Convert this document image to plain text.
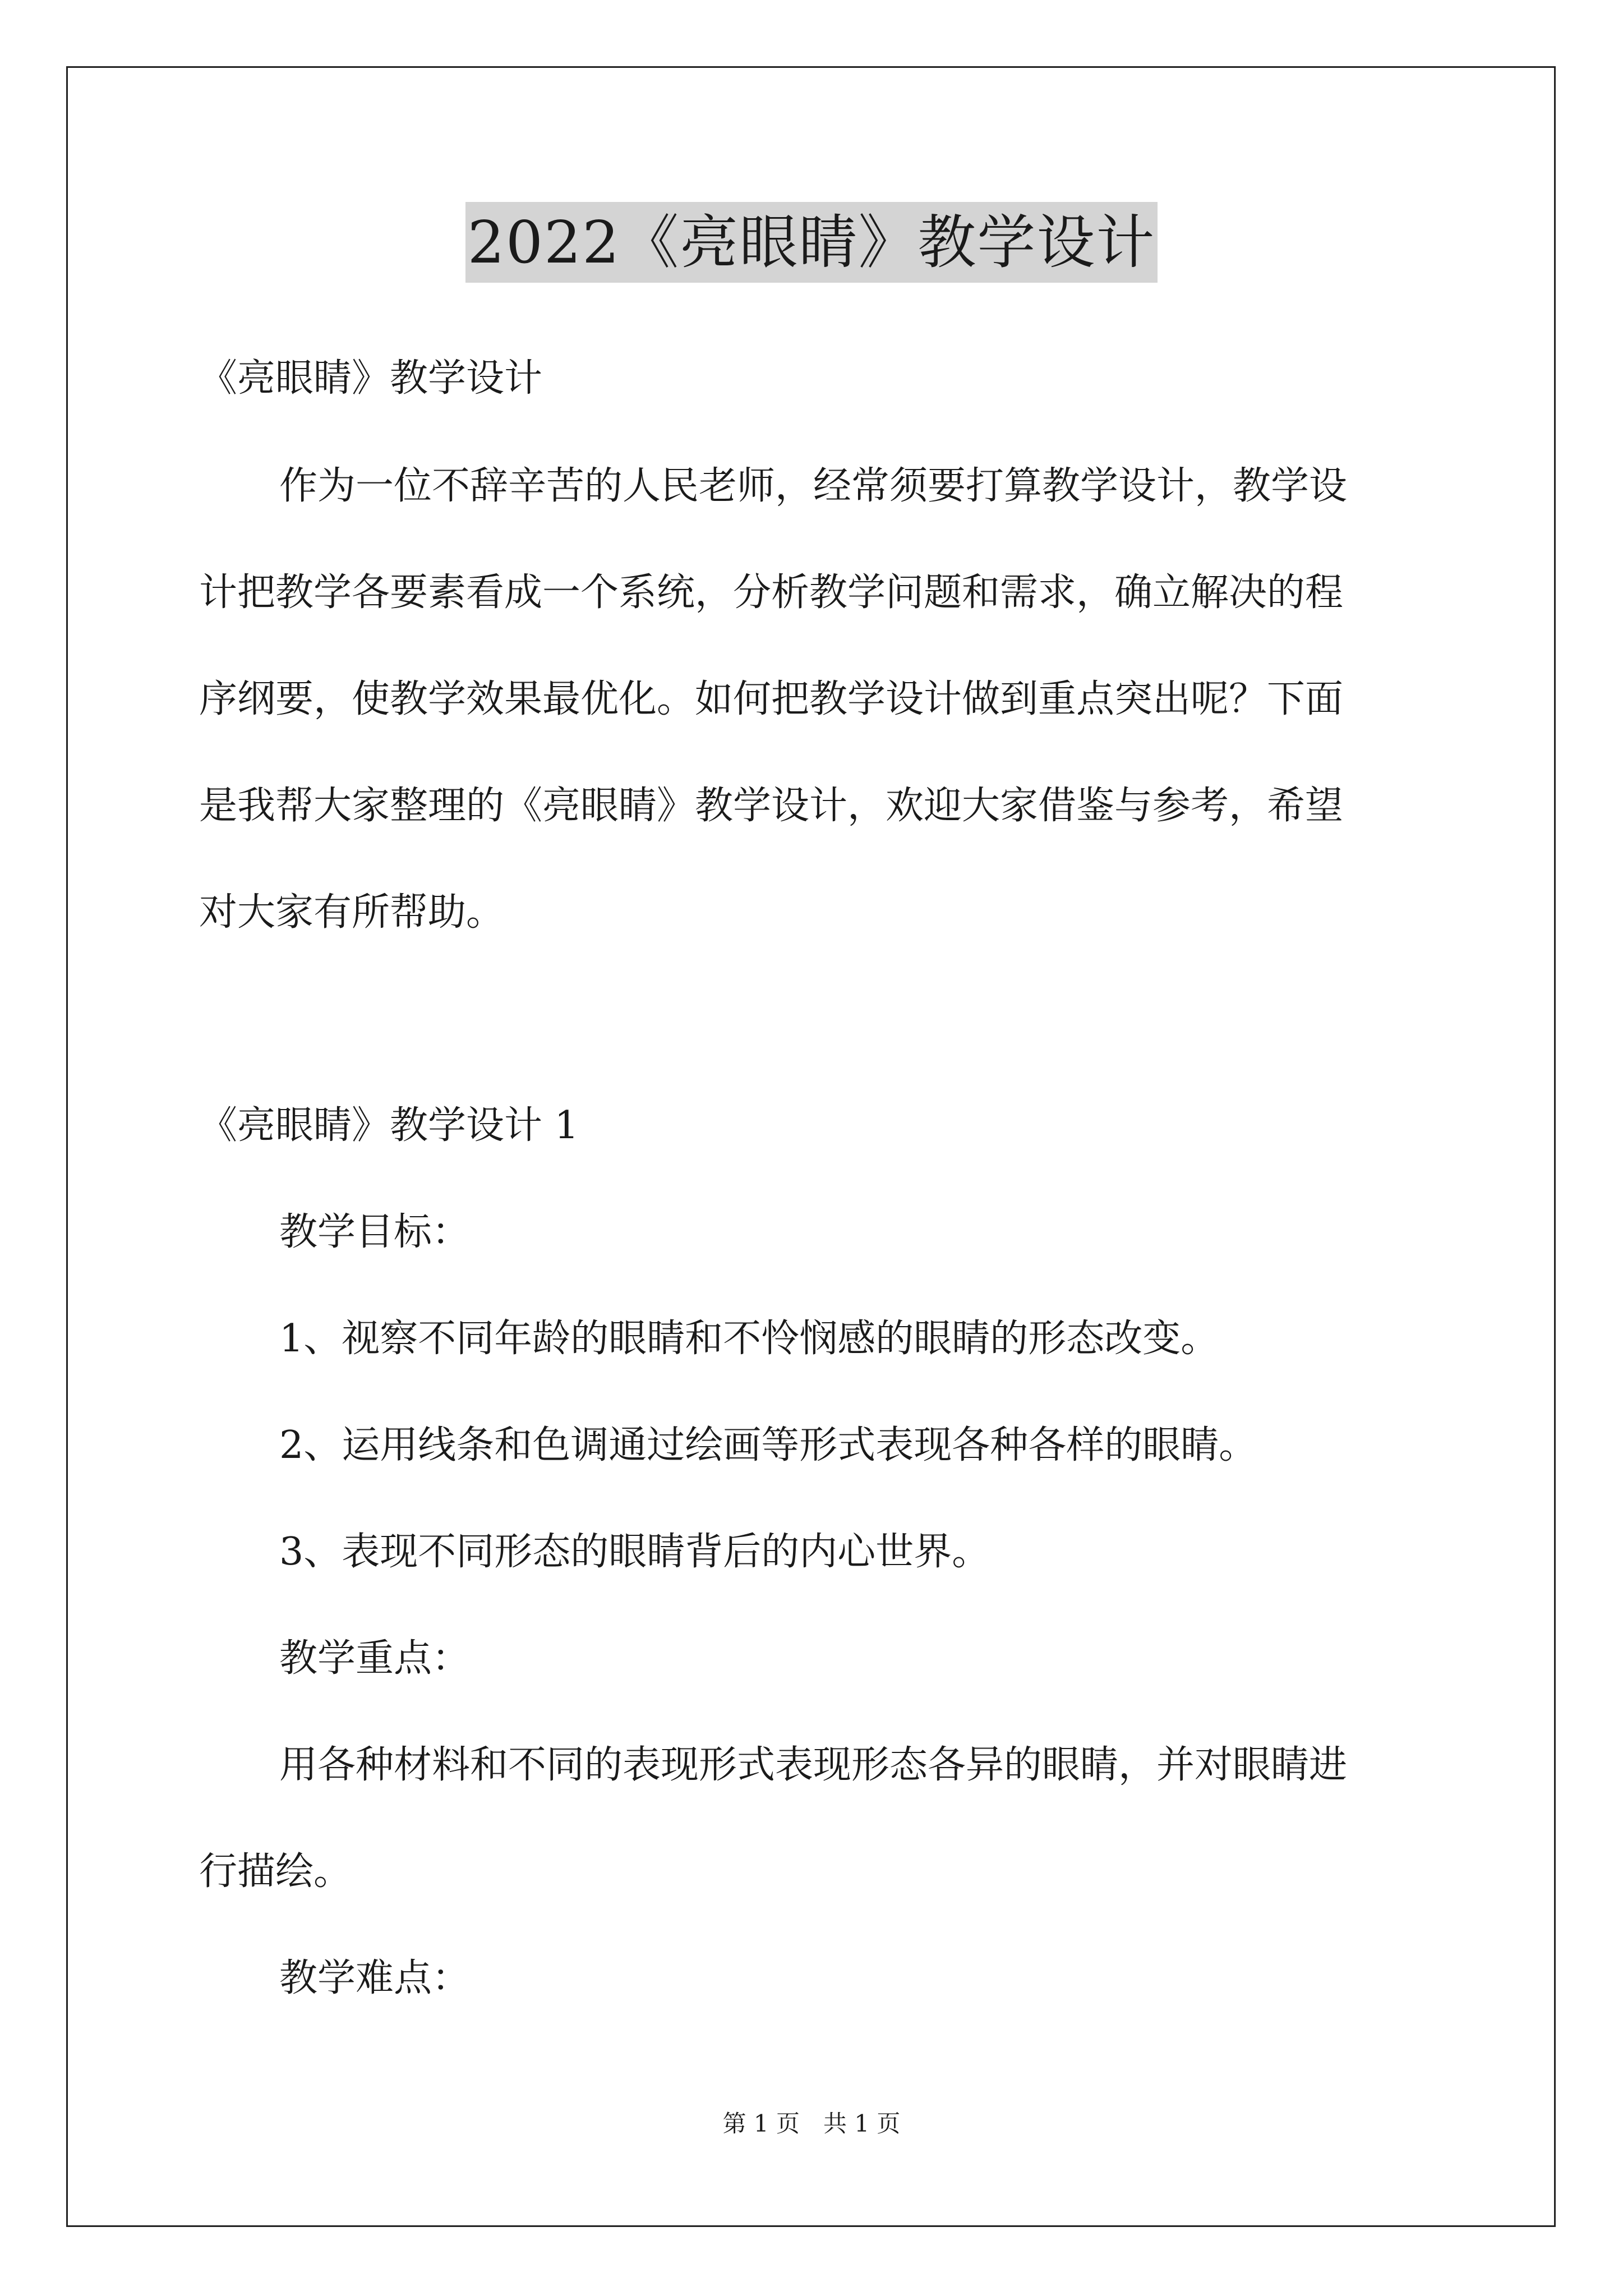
2022《亮眼睛》教学设计
《亮眼睛》教学设计
作为一位不辞辛苦的人民老师，经常须要打算教学设计，教学设
计把教学各要素看成一个系统，分析教学问题和需求，确立解决的程
序纲要，使教学效果最优化。如何把教学设计做到重点突出呢？下面
是我帮大家整理的《亮眼睛》教学设计，欢迎大家借鉴与参考，希望
对大家有所帮助。
《亮眼睛》教学设计 1
教学目标：
1、视察不同年龄的眼睛和不怜悯感的眼睛的形态改变。
2、运用线条和色调通过绘画等形式表现各种各样的眼睛。
3、表现不同形态的眼睛背后的内心世界。
教学重点：
用各种材料和不同的表现形式表现形态各异的眼睛，并对眼睛进
行描绘。
教学难点：
第 1 页　共 1 页
